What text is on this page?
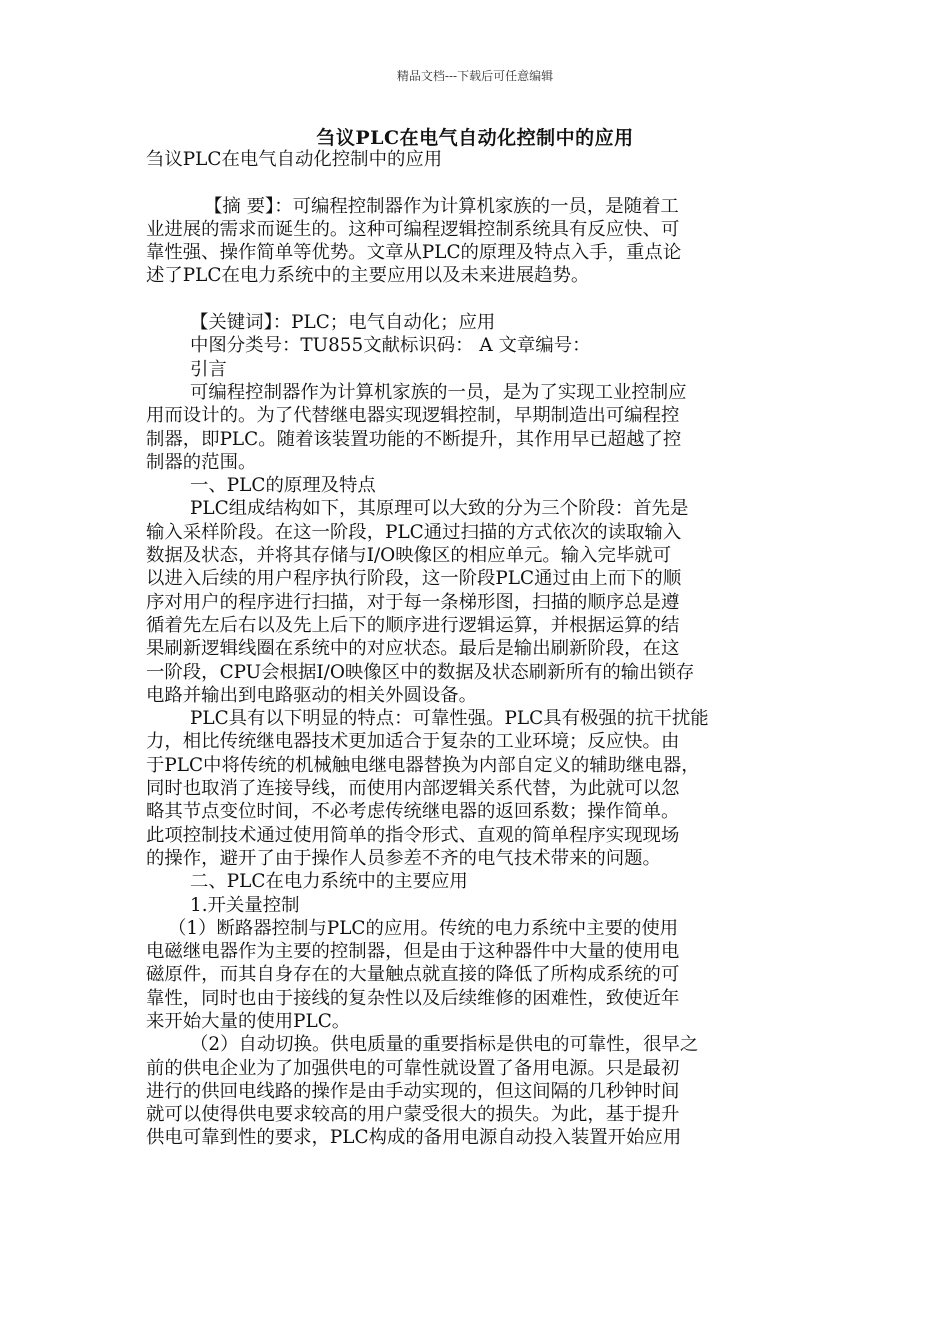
精品文档---下载后可任意编辑
刍议PLC在电气自动化控制中的应用
刍议PLC在电气自动化控制中的应用
【摘 要】：可编程控制器作为计算机家族的一员，是随着工
业进展的需求而诞生的。这种可编程逻辑控制系统具有反应快、可
靠性强、操作简单等优势。文章从PLC的原理及特点入手，重点论
述了PLC在电力系统中的主要应用以及未来进展趋势。
【关键词】：PLC；电气自动化；应用
中图分类号：TU855文献标识码： A 文章编号：
引言
可编程控制器作为计算机家族的一员，是为了实现工业控制应
用而设计的。为了代替继电器实现逻辑控制，早期制造出可编程控
制器，即PLC。随着该装置功能的不断提升，其作用早已超越了控
制器的范围。
一、PLC的原理及特点
PLC组成结构如下，其原理可以大致的分为三个阶段：首先是
输入采样阶段。在这一阶段，PLC通过扫描的方式依次的读取输入
数据及状态，并将其存储与I/O映像区的相应单元。输入完毕就可
以进入后续的用户程序执行阶段，这一阶段PLC通过由上而下的顺
序对用户的程序进行扫描，对于每一条梯形图，扫描的顺序总是遵
循着先左后右以及先上后下的顺序进行逻辑运算，并根据运算的结
果刷新逻辑线圈在系统中的对应状态。最后是输出刷新阶段，在这
一阶段，CPU会根据I/O映像区中的数据及状态刷新所有的输出锁存
电路并输出到电路驱动的相关外圆设备。
PLC具有以下明显的特点：可靠性强。PLC具有极强的抗干扰能
力，相比传统继电器技术更加适合于复杂的工业环境；反应快。由
于PLC中将传统的机械触电继电器替换为内部自定义的辅助继电器，
同时也取消了连接导线，而使用内部逻辑关系代替，为此就可以忽
略其节点变位时间，不必考虑传统继电器的返回系数；操作简单。
此项控制技术通过使用简单的指令形式、直观的简单程序实现现场
的操作，避开了由于操作人员参差不齐的电气技术带来的问题。
二、PLC在电力系统中的主要应用
1.开关量控制
（1）断路器控制与PLC的应用。传统的电力系统中主要的使用
电磁继电器作为主要的控制器，但是由于这种器件中大量的使用电
磁原件，而其自身存在的大量触点就直接的降低了所构成系统的可
靠性，同时也由于接线的复杂性以及后续维修的困难性，致使近年
来开始大量的使用PLC。
（2）自动切换。供电质量的重要指标是供电的可靠性，很早之
前的供电企业为了加强供电的可靠性就设置了备用电源。只是最初
进行的供回电线路的操作是由手动实现的，但这间隔的几秒钟时间
就可以使得供电要求较高的用户蒙受很大的损失。为此，基于提升
供电可靠到性的要求，PLC构成的备用电源自动投入装置开始应用
